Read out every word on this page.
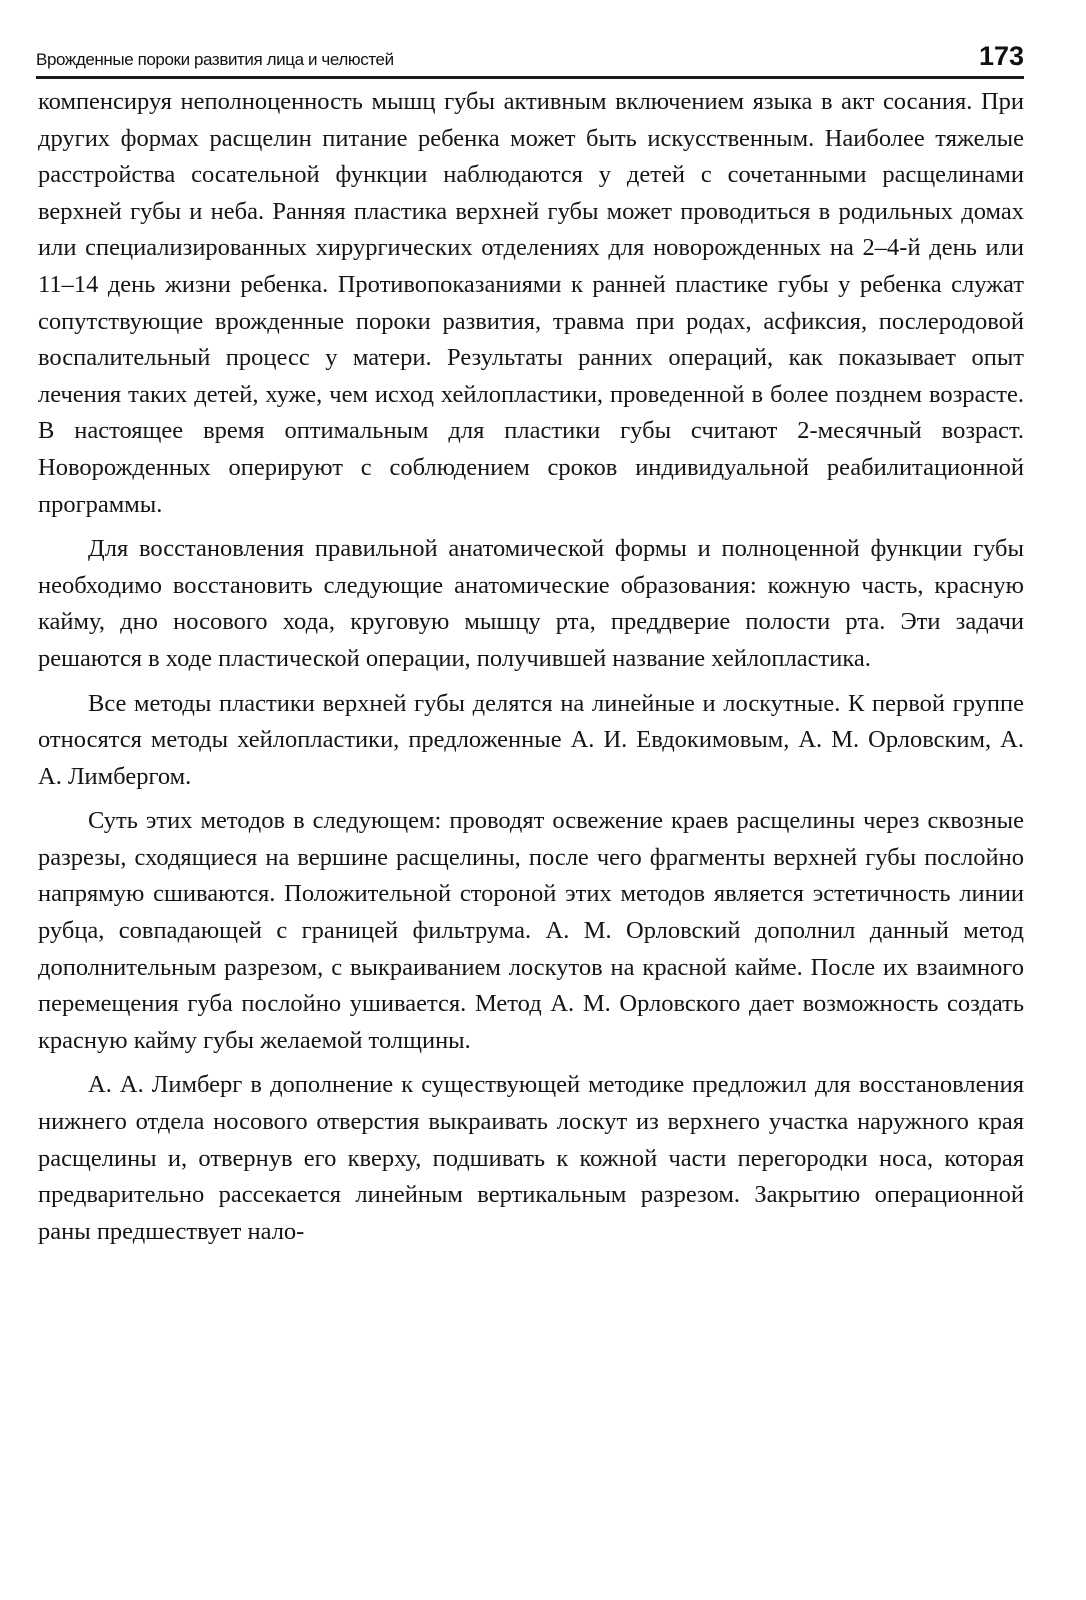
Врожденные пороки развития лица и челюстей	173

компенсируя неполноценность мышц губы активным включением языка в акт сосания. При других формах расщелин питание ребенка может быть искусственным. Наиболее тяжелые расстройства сосательной функции наблюдаются у детей с сочетанными расщелинами верхней губы и неба. Ранняя пластика верхней губы может проводиться в родильных домах или специализированных хирургических отделениях для новорожденных на 2–4-й день или 11–14 день жизни ребенка. Противопоказаниями к ранней пластике губы у ребенка служат сопутствующие врожденные пороки развития, травма при родах, асфиксия, послеродовой воспалительный процесс у матери. Результаты ранних операций, как показывает опыт лечения таких детей, хуже, чем исход хейлопластики, проведенной в более позднем возрасте. В настоящее время оптимальным для пластики губы считают 2-месячный возраст. Новорожденных оперируют с соблюдением сроков индивидуальной реабилитационной программы.

Для восстановления правильной анатомической формы и полноценной функции губы необходимо восстановить следующие анатомические образования: кожную часть, красную кайму, дно носового хода, круговую мышцу рта, преддверие полости рта. Эти задачи решаются в ходе пластической операции, получившей название хейлопластика.

Все методы пластики верхней губы делятся на линейные и лоскутные. К первой группе относятся методы хейлопластики, предложенные А. И. Евдокимовым, А. М. Орловским, А. А. Лимбергом.

Суть этих методов в следующем: проводят освежение краев расщелины через сквозные разрезы, сходящиеся на вершине расщелины, после чего фрагменты верхней губы послойно напрямую сшиваются. Положительной стороной этих методов является эстетичность линии рубца, совпадающей с границей фильтрума. А. М. Орловский дополнил данный метод дополнительным разрезом, с выкраиванием лоскутов на красной кайме. После их взаимного перемещения губа послойно ушивается. Метод А. М. Орловского дает возможность создать красную кайму губы желаемой толщины.

А. А. Лимберг в дополнение к существующей методике предложил для восстановления нижнего отдела носового отверстия выкраивать лоскут из верхнего участка наружного края расщелины и, отвернув его кверху, подшивать к кожной части перегородки носа, которая предварительно рассекается линейным вертикальным разрезом. Закрытию операционной раны предшествует нало-
